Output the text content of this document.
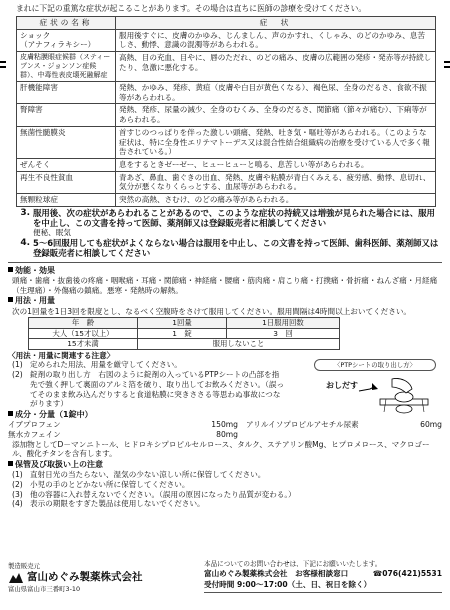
まれに下記の重篤な症状が起こることがあります。その場合は直ちに医師の診療を受けてください。
症状の名称	症　状
ショック
（アナフィラキシー）	服用後すぐに、皮膚のかゆみ、じんましん、声のかすれ、くしゃみ、のどのかゆみ、息苦しさ、動悸、意識の混濁等があらわれる。
皮膚粘膜眼症候群（スティーブンス・ジョンソン症候群）、中毒性表皮壊死融解症	高熱、目の充血、目やに、唇のただれ、のどの痛み、皮膚の広範囲の発疹・発赤等が持続したり、急激に悪化する。
肝機能障害	発熱、かゆみ、発疹、黄疸（皮膚や白目が黄色くなる）、褐色尿、全身のだるさ、食欲不振等があらわれる。
腎障害	発熱、発疹、尿量の減少、全身のむくみ、全身のだるさ、関節痛（節々が痛む）、下痢等があらわれる。
無菌性髄膜炎	首すじのつっぱりを伴った激しい頭痛、発熱、吐き気・嘔吐等があらわれる。（このような症状は、特に全身性エリテマトーデス又は混合性結合組織病の治療を受けている人で多く報告されている。）
ぜんそく	息をするときゼーゼー、ヒューヒューと鳴る、息苦しい等があらわれる。
再生不良性貧血	青あざ、鼻血、歯ぐきの出血、発熱、皮膚や粘膜が青白くみえる、疲労感、動悸、息切れ、気分が悪くなりくらっとする、血尿等があらわれる。
無顆粒球症	突然の高熱、さむけ、のどの痛み等があらわれる。
3. 服用後、次の症状があらわれることがあるので、このような症状の持続又は増強が見られた場合には、服用を中止し、この文書を持って医師、薬剤師又は登録販売者に相談してください
便秘、眠気
4. 5～6回服用しても症状がよくならない場合は服用を中止し、この文書を持って医師、歯科医師、薬剤師又は登録販売者に相談してください
効能・効果
頭痛・歯痛・抜歯後の疼痛・咽喉痛・耳痛・関節痛・神経痛・腰痛・筋肉痛・肩こり痛・打撲痛・骨折痛・ねんざ痛・月経痛（生理痛）・外傷痛の鎮痛。悪寒・発熱時の解熱。
用法・用量
次の1回量を1日3回を限度とし、なるべく空腹時をさけて服用してください。服用間隔は4時間以上おいてください。
年　齢	1回量	1日服用回数
大人（15才以上）	1　錠	3　回
15才未満	服用しないこと	
〈用法・用量に関連する注意〉
(1) 定められた用法、用量を厳守してください。
(2) 錠剤の取り出し方　右図のように錠剤の入っているPTPシートの凸部を指先で強く押して裏面のアルミ箔を破り、取り出してお飲みください。（誤ってそのまま飲み込んだりすると食道粘膜に突きささる等思わぬ事故につながります）
〈PTPシートの取り出し方〉
おしだす
成分・分量（1錠中）
イブプロフェン	150mg アリルイソプロピルアセチル尿素	60mg
無水カフェイン	80mg
添加物としてD－マンニトール、ヒドロキシプロピルセルロース、タルク、ステアリン酸Mg、ヒプロメロース、マクロゴール、酸化チタンを含有します。
保管及び取扱い上の注意
(1) 直射日光の当たらない、湿気の少ない涼しい所に保管してください。
(2) 小児の手のとどかない所に保管してください。
(3) 他の容器に入れ替えないでください。（誤用の原因になったり品質が変わる。）
(4) 表示の期限をすぎた製品は使用しないでください。
製造販売元
富山めぐみ製薬株式会社
富山県富山市三番町3-10
本品についてのお問い合わせは、下記にお願いいたします。
富山めぐみ製薬株式会社　お客様相談窓口	☎076(421)5531
受付時間 9:00～17:00（土、日、祝日を除く）
